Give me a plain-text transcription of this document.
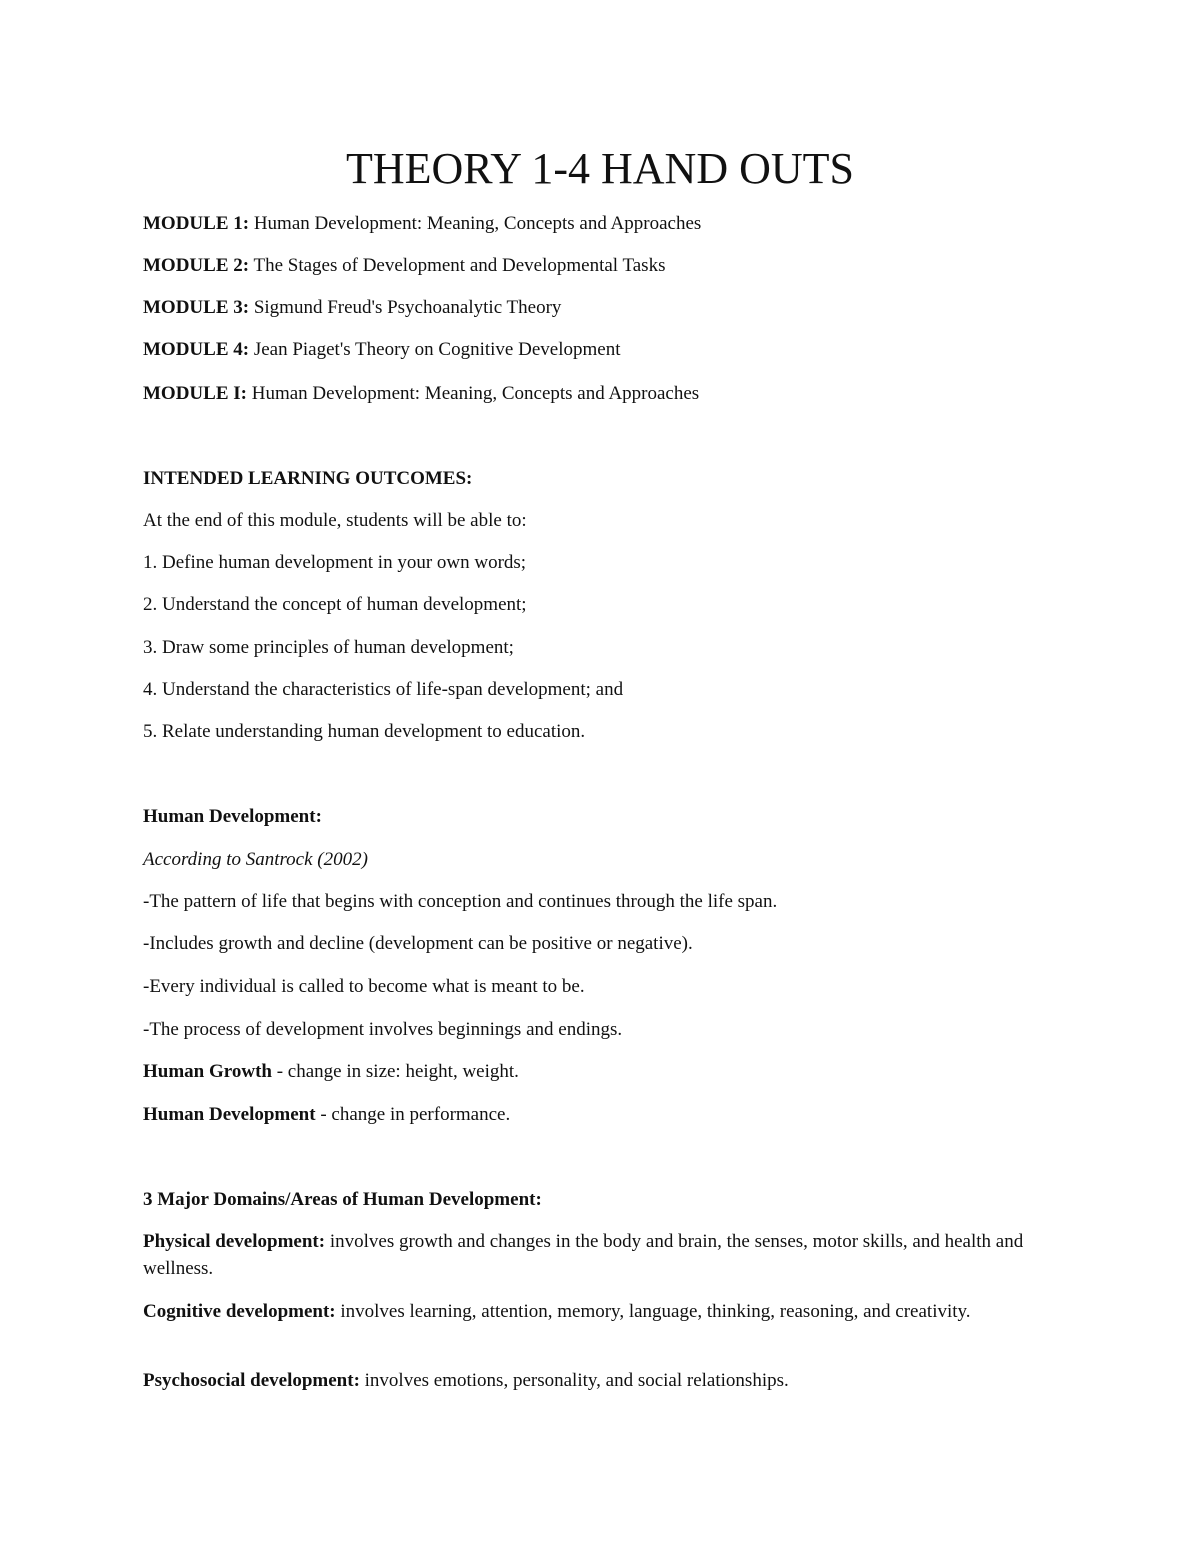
THEORY 1-4 HAND OUTS
MODULE 1: Human Development: Meaning, Concepts and Approaches
MODULE 2: The Stages of Development and Developmental Tasks
MODULE 3: Sigmund Freud's Psychoanalytic Theory
MODULE 4: Jean Piaget's Theory on Cognitive Development
MODULE I: Human Development: Meaning, Concepts and Approaches
INTENDED LEARNING OUTCOMES:
At the end of this module, students will be able to:
1. Define human development in your own words;
2. Understand the concept of human development;
3. Draw some principles of human development;
4. Understand the characteristics of life-span development; and
5. Relate understanding human development to education.
Human Development:
According to Santrock (2002)
-The pattern of life that begins with conception and continues through the life span.
-Includes growth and decline (development can be positive or negative).
-Every individual is called to become what is meant to be.
-The process of development involves beginnings and endings.
Human Growth - change in size: height, weight.
Human Development - change in performance.
3 Major Domains/Areas of Human Development:
Physical development: involves growth and changes in the body and brain, the senses, motor skills, and health and wellness.
Cognitive development: involves learning, attention, memory, language, thinking, reasoning, and creativity.
Psychosocial development: involves emotions, personality, and social relationships.
